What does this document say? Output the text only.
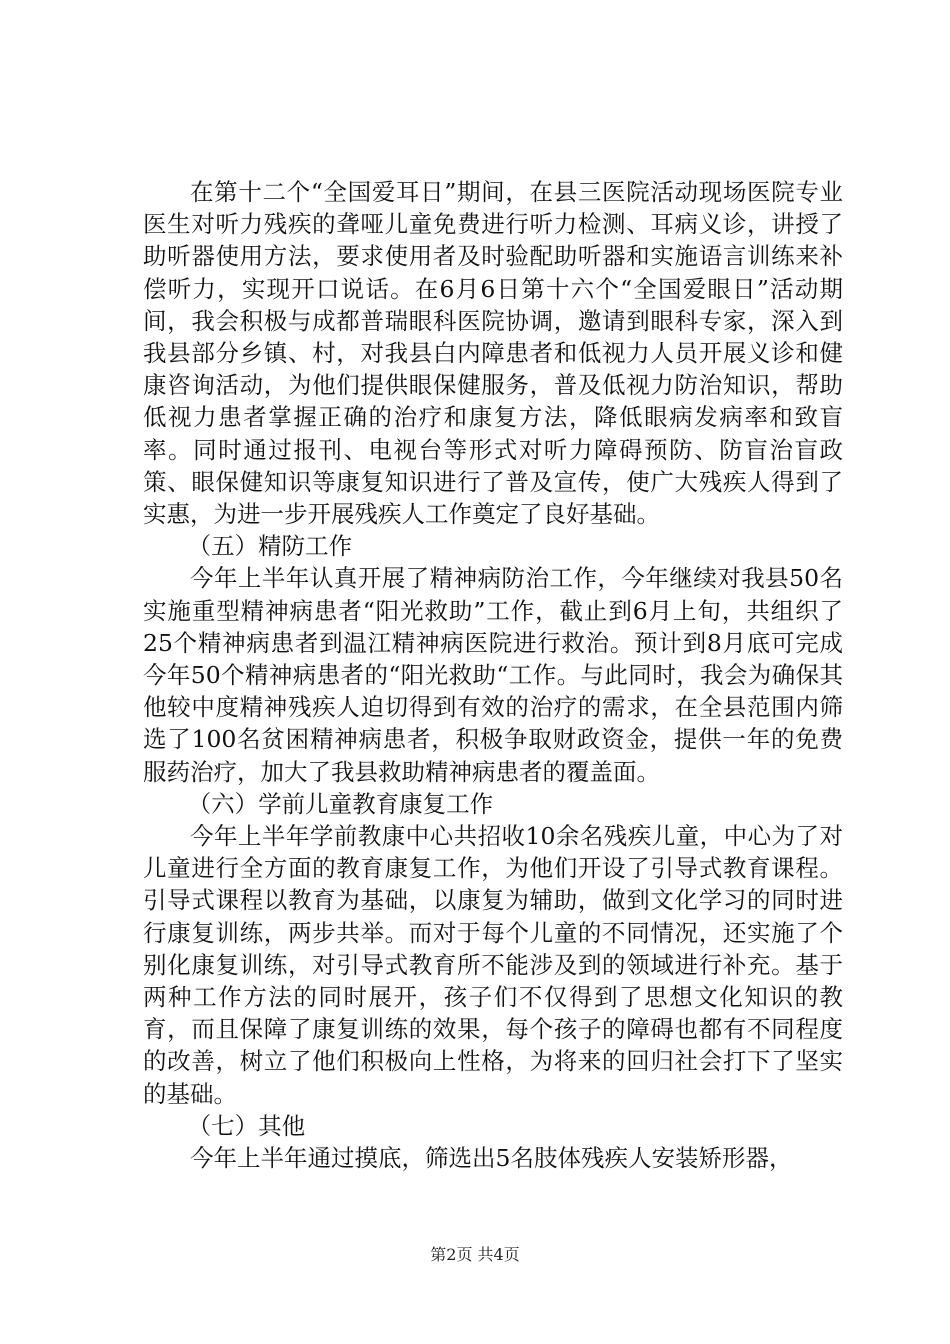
在第十二个“全国爱耳日”期间，在县三医院活动现场医院专业医生对听力残疾的聋哑儿童免费进行听力检测、耳病义诊，讲授了助听器使用方法，要求使用者及时验配助听器和实施语言训练来补偿听力，实现开口说话。在6月6日第十六个“全国爱眼日”活动期间，我会积极与成都普瑞眼科医院协调，邀请到眼科专家，深入到我县部分乡镇、村，对我县白内障患者和低视力人员开展义诊和健康咨询活动，为他们提供眼保健服务，普及低视力防治知识，帮助低视力患者掌握正确的治疗和康复方法，降低眼病发病率和致盲率。同时通过报刊、电视台等形式对听力障碍预防、防盲治盲政策、眼保健知识等康复知识进行了普及宣传，使广大残疾人得到了实惠，为进一步开展残疾人工作奠定了良好基础。

（五）精防工作

今年上半年认真开展了精神病防治工作，今年继续对我县50名实施重型精神病患者“阳光救助”工作，截止到6月上旬，共组织了25个精神病患者到温江精神病医院进行救治。预计到8月底可完成今年50个精神病患者的“阳光救助“工作。与此同时，我会为确保其他较中度精神残疾人迫切得到有效的治疗的需求，在全县范围内筛选了100名贫困精神病患者，积极争取财政资金，提供一年的免费服药治疗，加大了我县救助精神病患者的覆盖面。

（六）学前儿童教育康复工作

今年上半年学前教康中心共招收10余名残疾儿童，中心为了对儿童进行全方面的教育康复工作，为他们开设了引导式教育课程。引导式课程以教育为基础，以康复为辅助，做到文化学习的同时进行康复训练，两步共举。而对于每个儿童的不同情况，还实施了个别化康复训练，对引导式教育所不能涉及到的领域进行补充。基于两种工作方法的同时展开，孩子们不仅得到了思想文化知识的教育，而且保障了康复训练的效果，每个孩子的障碍也都有不同程度的改善，树立了他们积极向上性格，为将来的回归社会打下了坚实的基础。

（七）其他

今年上半年通过摸底，筛选出5名肢体残疾人安装矫形器，

第2页 共4页
